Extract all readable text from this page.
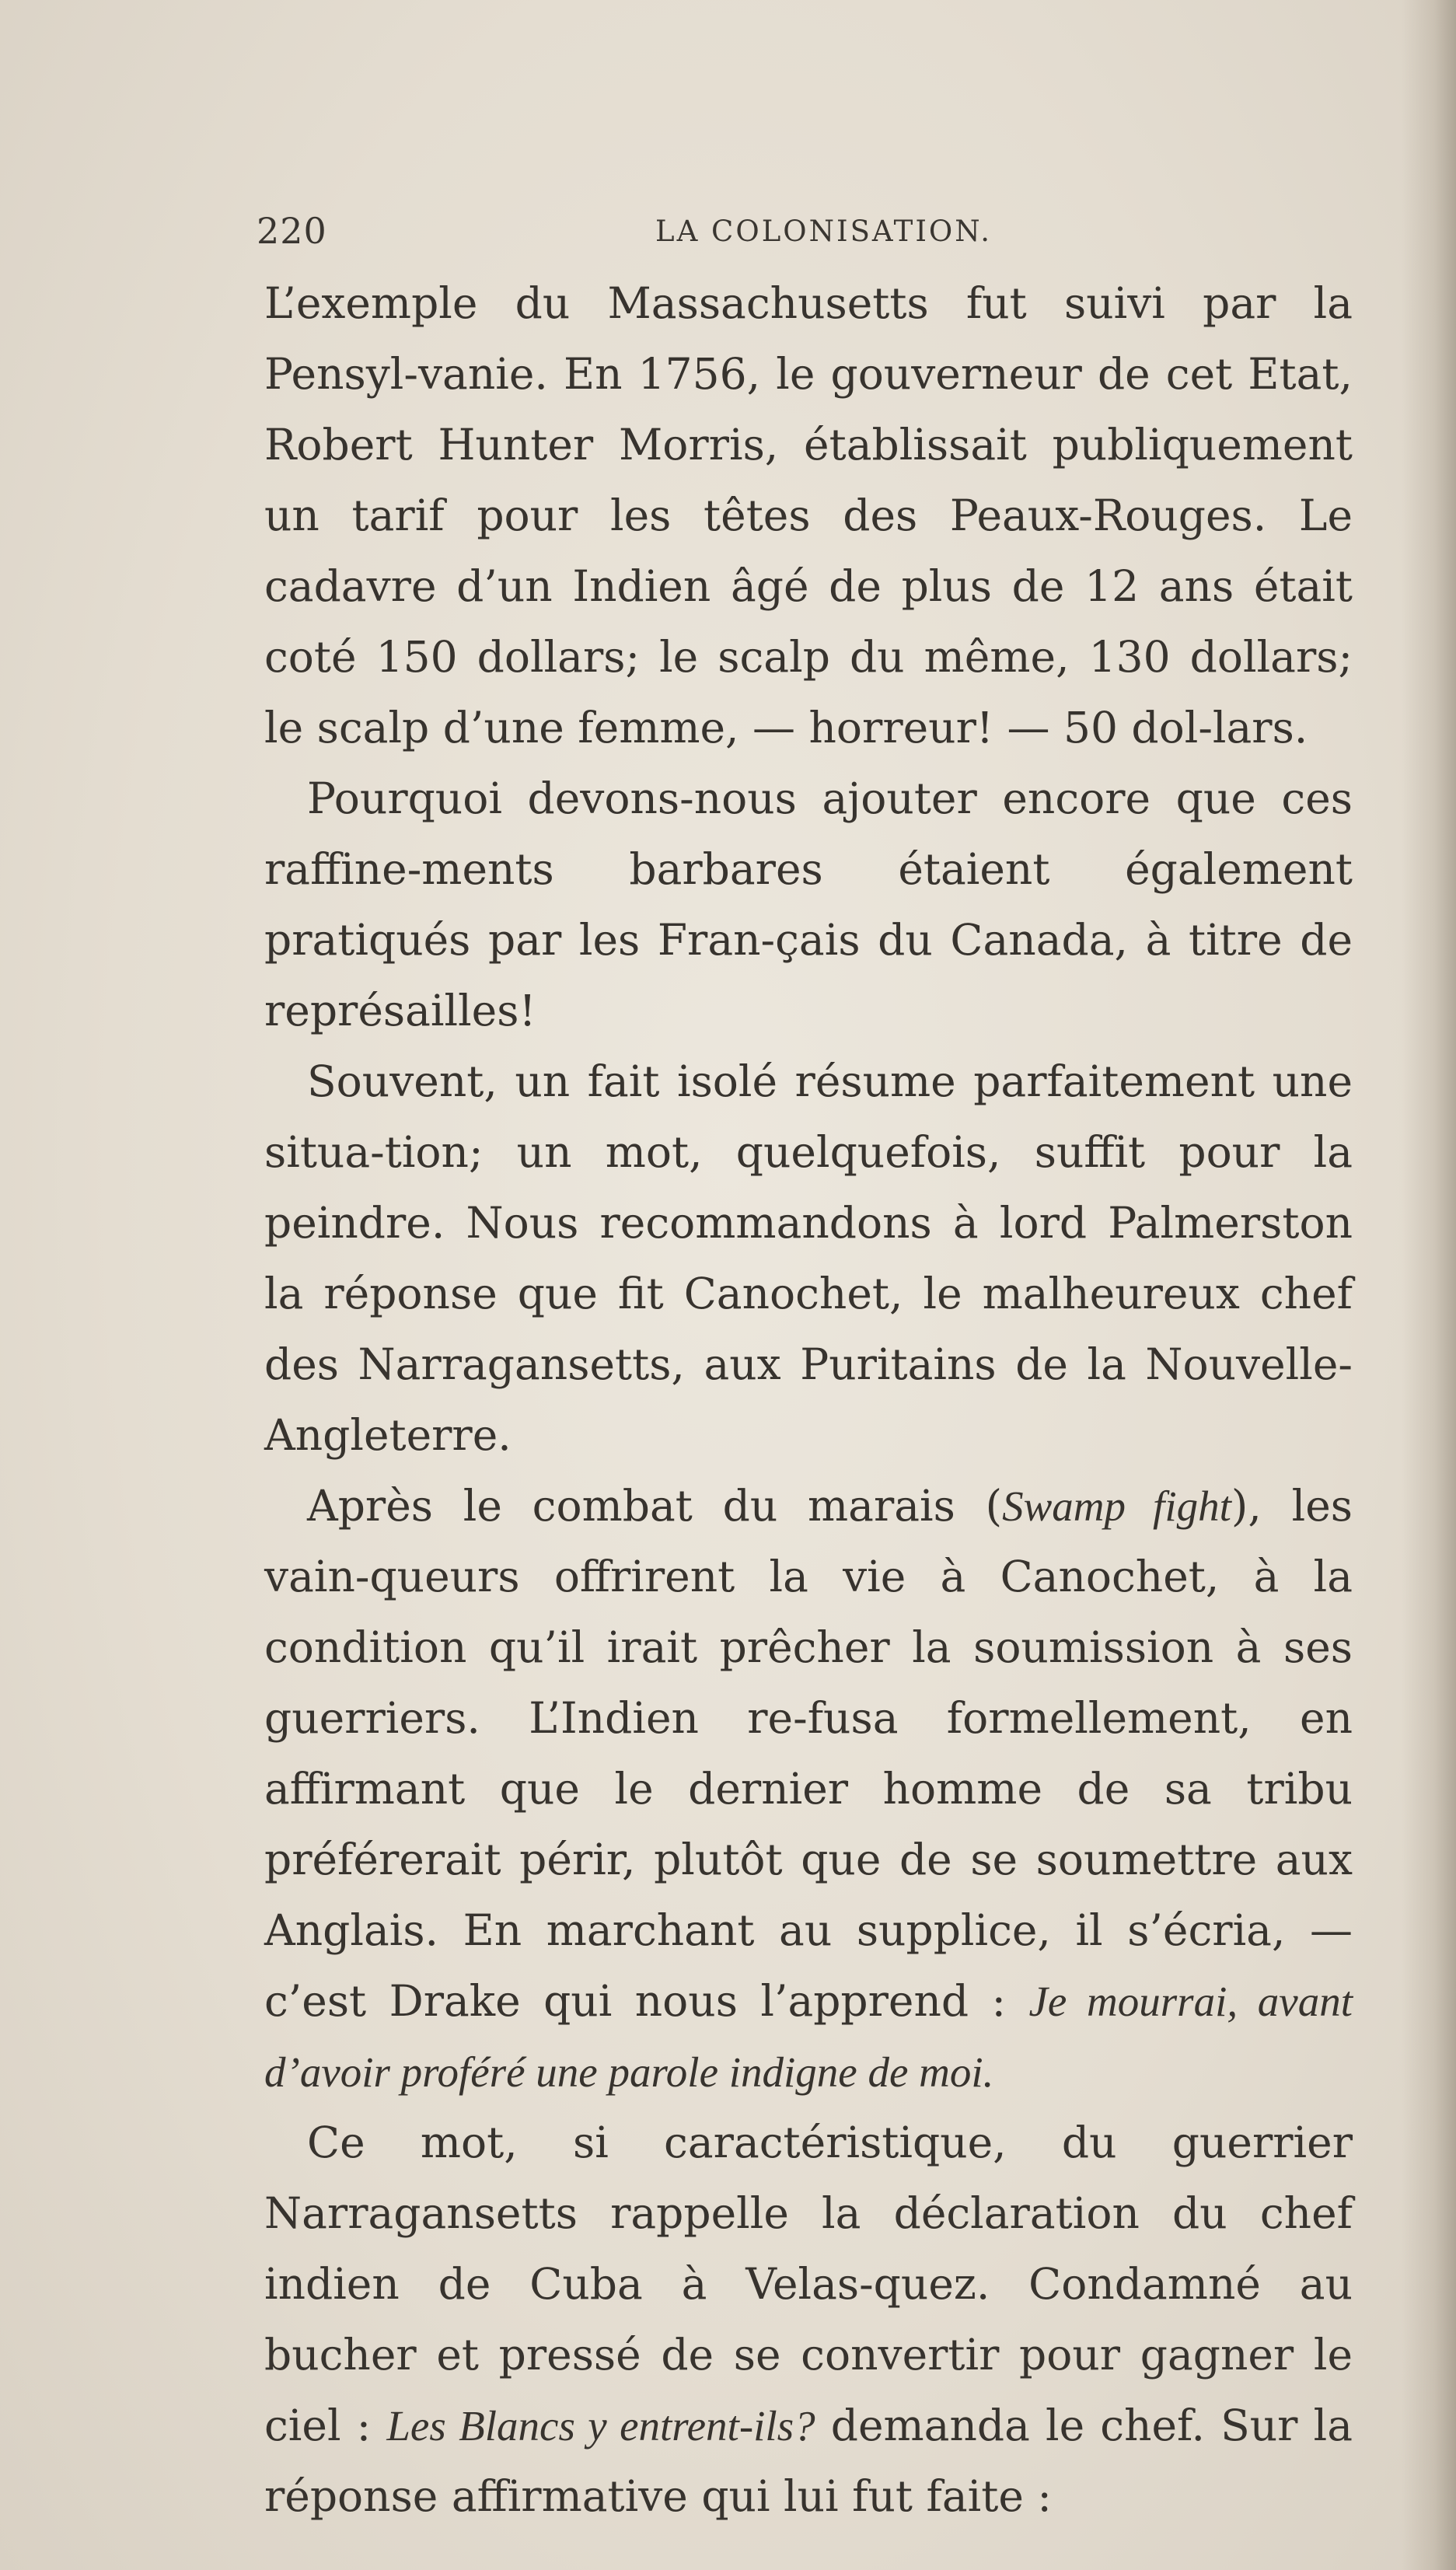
220	LA COLONISATION.

L’exemple du Massachusetts fut suivi par la Pensyl-vanie. En 1756, le gouverneur de cet Etat, Robert Hunter Morris, établissait publiquement un tarif pour les têtes des Peaux-Rouges. Le cadavre d’un Indien âgé de plus de 12 ans était coté 150 dollars; le scalp du même, 130 dollars; le scalp d’une femme, — horreur! — 50 dol-lars.

Pourquoi devons-nous ajouter encore que ces raffine-ments barbares étaient également pratiqués par les Fran-çais du Canada, à titre de représailles!

Souvent, un fait isolé résume parfaitement une situa-tion; un mot, quelquefois, suffit pour la peindre. Nous recommandons à lord Palmerston la réponse que fit Canochet, le malheureux chef des Narragansetts, aux Puritains de la Nouvelle-Angleterre.

Après le combat du marais (Swamp fight), les vain-queurs offrirent la vie à Canochet, à la condition qu’il irait prêcher la soumission à ses guerriers. L’Indien re-fusa formellement, en affirmant que le dernier homme de sa tribu préférerait périr, plutôt que de se soumettre aux Anglais. En marchant au supplice, il s’écria, — c’est Drake qui nous l’apprend : Je mourrai, avant d’avoir proféré une parole indigne de moi.

Ce mot, si caractéristique, du guerrier Narragansetts rappelle la déclaration du chef indien de Cuba à Velas-quez. Condamné au bucher et pressé de se convertir pour gagner le ciel : Les Blancs y entrent-ils? demanda le chef. Sur la réponse affirmative qui lui fut faite :
